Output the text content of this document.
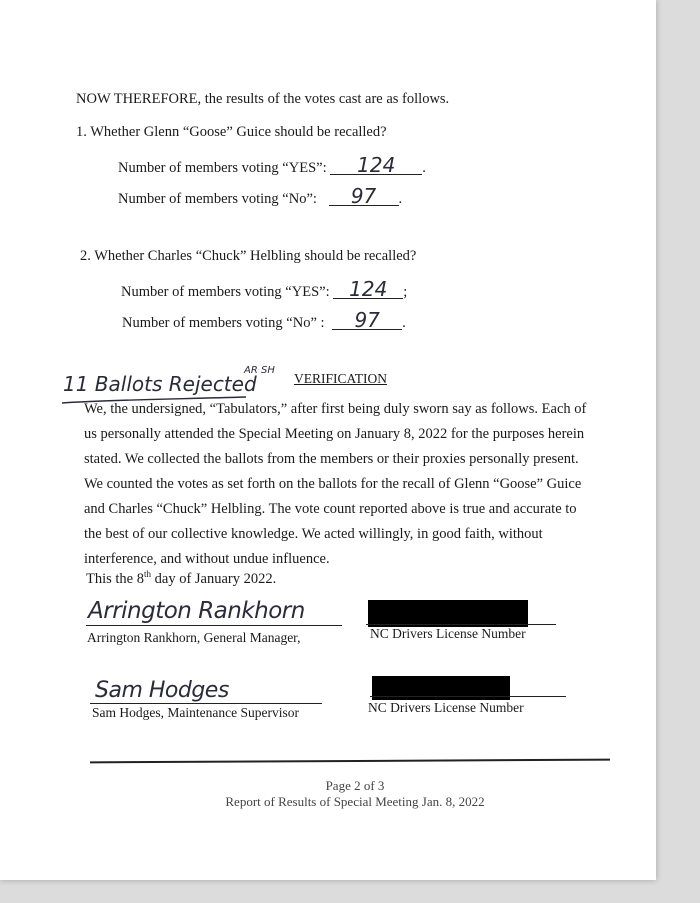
NOW THEREFORE, the results of the votes cast are as follows.
1. Whether Glenn “Goose” Guice should be recalled?
Number of members voting “YES”: 124 .
Number of members voting “No”: 97 .
2. Whether Charles “Chuck” Helbling should be recalled?
Number of members voting “YES”: 124 ;
Number of members voting “No” : 97 .
11 Ballots Rejected
AR SH
VERIFICATION
We, the undersigned, “Tabulators,” after first being duly sworn say as follows. Each of
us personally attended the Special Meeting on January 8, 2022 for the purposes herein
stated. We collected the ballots from the members or their proxies personally present.
We counted the votes as set forth on the ballots for the recall of Glenn “Goose” Guice
and Charles “Chuck” Helbling. The vote count reported above is true and accurate to
the best of our collective knowledge. We acted willingly, in good faith, without
interference, and without undue influence.
This the 8th day of January 2022.
Arrington Rankhorn
Arrington Rankhorn, General Manager,	NC Drivers License Number
Sam Hodges
Sam Hodges, Maintenance Supervisor	NC Drivers License Number
Page 2 of 3
Report of Results of Special Meeting Jan. 8, 2022
